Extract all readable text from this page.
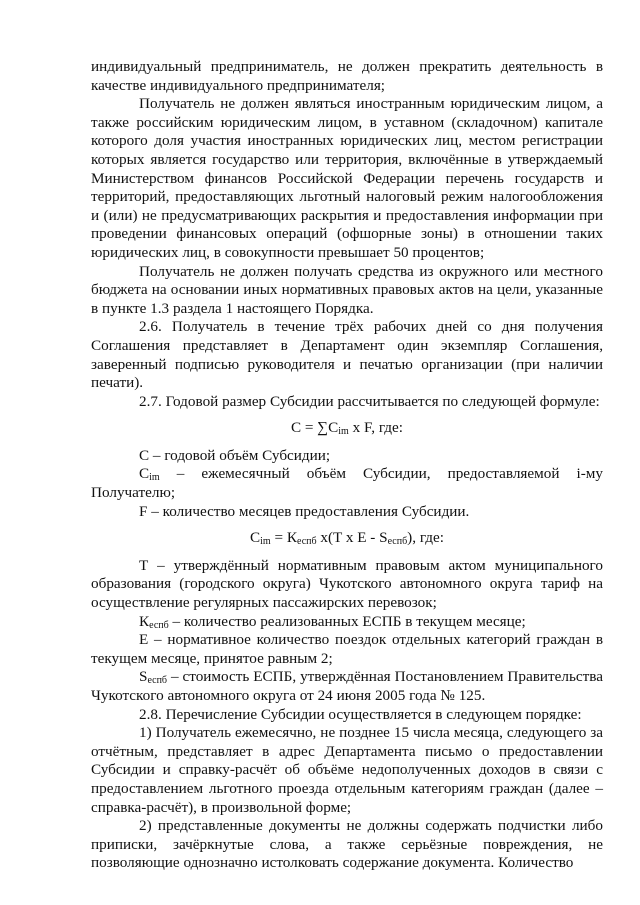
индивидуальный предприниматель, не должен прекратить деятельность в качестве индивидуального предпринимателя;

Получатель не должен являться иностранным юридическим лицом, а также российским юридическим лицом, в уставном (складочном) капитале которого доля участия иностранных юридических лиц, местом регистрации которых является государство или территория, включённые в утверждаемый Министерством финансов Российской Федерации перечень государств и территорий, предоставляющих льготный налоговый режим налогообложения и (или) не предусматривающих раскрытия и предоставления информации при проведении финансовых операций (офшорные зоны) в отношении таких юридических лиц, в совокупности превышает 50 процентов;

Получатель не должен получать средства из окружного или местного бюджета на основании иных нормативных правовых актов на цели, указанные в пункте 1.3 раздела 1 настоящего Порядка.

2.6. Получатель в течение трёх рабочих дней со дня получения Соглашения представляет в Департамент один экземпляр Соглашения, заверенный подписью руководителя и печатью организации (при наличии печати).

2.7. Годовой размер Субсидии рассчитывается по следующей формуле:

$С = \sum С_{im}$ x F, где:

С – годовой объём Субсидии;

$С_{im}$ – ежемесячный объём Субсидии, предоставляемой i-му Получателю;

F – количество месяцев предоставления Субсидии.

$С_{im} = К_{еспб}$ x(T x E - $S_{еспб}$), где:

Т – утверждённый нормативным правовым актом муниципального образования (городского округа) Чукотского автономного округа тариф на осуществление регулярных пассажирских перевозок;

$К_{еспб}$ – количество реализованных ЕСПБ в текущем месяце;

Е – нормативное количество поездок отдельных категорий граждан в текущем месяце, принятое равным 2;

$S_{еспб}$ – стоимость ЕСПБ, утверждённая Постановлением Правительства Чукотского автономного округа от 24 июня 2005 года № 125.

2.8. Перечисление Субсидии осуществляется в следующем порядке:

1) Получатель ежемесячно, не позднее 15 числа месяца, следующего за отчётным, представляет в адрес Департамента письмо о предоставлении Субсидии и справку-расчёт об объёме недополученных доходов в связи с предоставлением льготного проезда отдельным категориям граждан (далее – справка-расчёт), в произвольной форме;

2) представленные документы не должны содержать подчистки либо приписки, зачёркнутые слова, а также серьёзные повреждения, не позволяющие однозначно истолковать содержание документа. Количество
